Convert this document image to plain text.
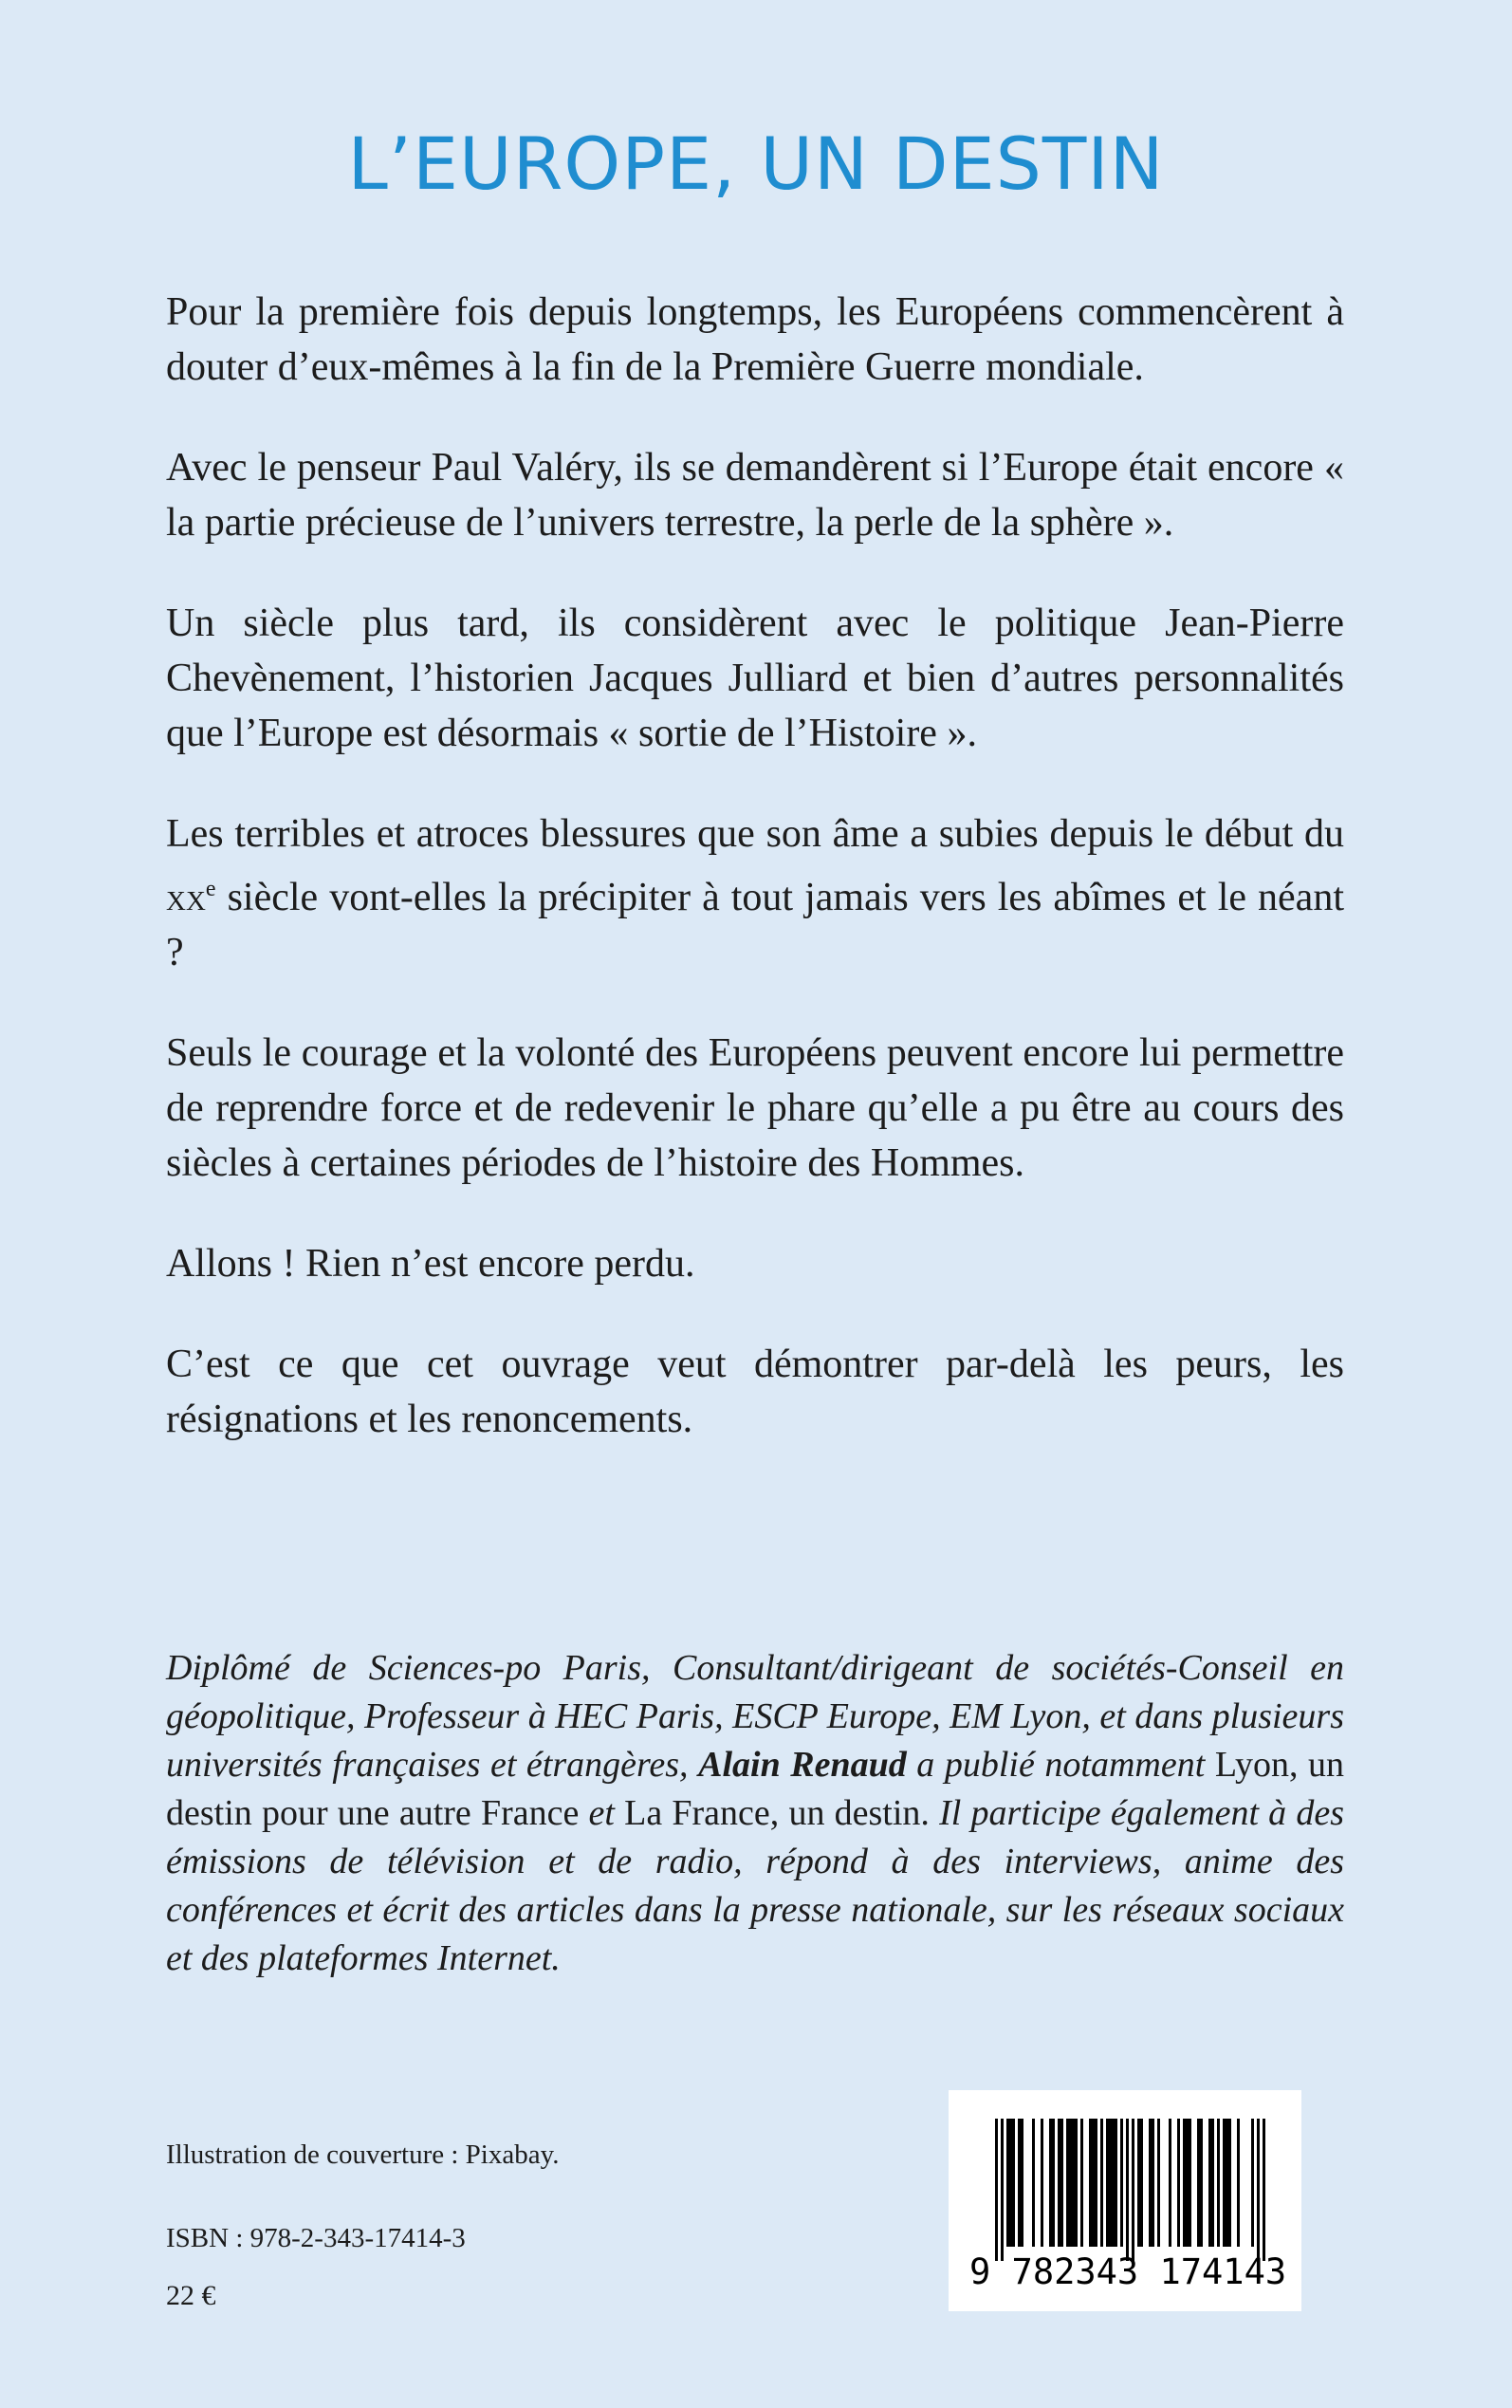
L’EUROPE, UN DESTIN

Pour la première fois depuis longtemps, les Européens commencèrent à douter d’eux-mêmes à la fin de la Première Guerre mondiale.

Avec le penseur Paul Valéry, ils se demandèrent si l’Europe était encore « la partie précieuse de l’univers terrestre, la perle de la sphère ».

Un siècle plus tard, ils considèrent avec le politique Jean-Pierre Chevènement, l’historien Jacques Julliard et bien d’autres personnalités que l’Europe est désormais « sortie de l’Histoire ».

Les terribles et atroces blessures que son âme a subies depuis le début du $xx^e$ siècle vont-elles la précipiter à tout jamais vers les abîmes et le néant ?

Seuls le courage et la volonté des Européens peuvent encore lui permettre de reprendre force et de redevenir le phare qu’elle a pu être au cours des siècles à certaines périodes de l’histoire des Hommes.

Allons ! Rien n’est encore perdu.

C’est ce que cet ouvrage veut démontrer par-delà les peurs, les résignations et les renoncements.

Diplômé de Sciences-po Paris, Consultant/dirigeant de sociétés-Conseil en géopolitique, Professeur à HEC Paris, ESCP Europe, EM Lyon, et dans plusieurs universités françaises et étrangères, Alain Renaud a publié notamment Lyon, un destin pour une autre France et La France, un destin. Il participe également à des émissions de télévision et de radio, répond à des interviews, anime des conférences et écrit des articles dans la presse nationale, sur les réseaux sociaux et des plateformes Internet.

Illustration de couverture : Pixabay.
ISBN : 978-2-343-17414-3
22 €
9 782343 174143
